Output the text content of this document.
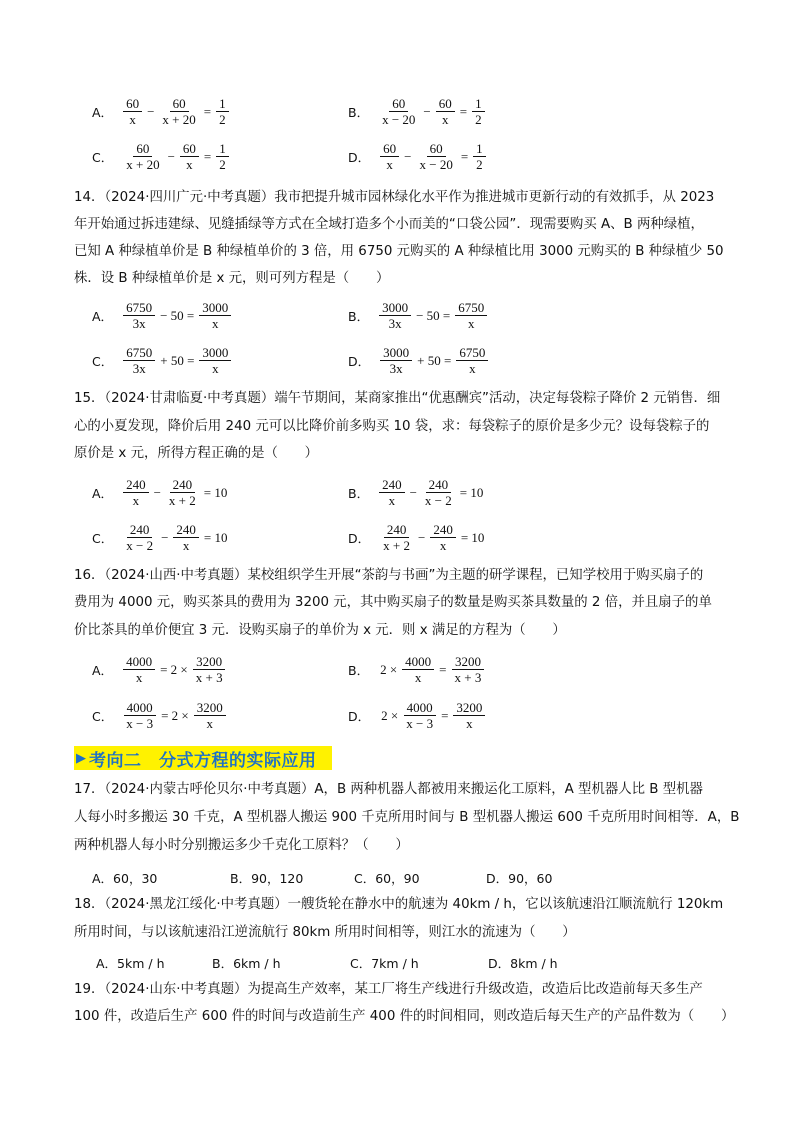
A． $\frac{60}{x} - \frac{60}{x + 20} = \frac{1}{2}$	B． $\frac{60}{x - 20} - \frac{60}{x} = \frac{1}{2}$
C． $\frac{60}{x + 20} - \frac{60}{x} = \frac{1}{2}$	D． $\frac{60}{x} - \frac{60}{x - 20} = \frac{1}{2}$
14．（2024·四川广元·中考真题）我市把提升城市园林绿化水平作为推进城市更新行动的有效抓手，从 2023
年开始通过拆违建绿、见缝插绿等方式在全域打造多个小而美的“口袋公园”．现需要购买 A、B 两种绿植，
已知 A 种绿植单价是 B 种绿植单价的 3 倍，用 6750 元购买的 A 种绿植比用 3000 元购买的 B 种绿植少 50
株．设 B 种绿植单价是 x 元，则可列方程是（　　）
A． $\frac{6750}{3x} - 50 = \frac{3000}{x}$	B． $\frac{3000}{3x} - 50 = \frac{6750}{x}$
C． $\frac{6750}{3x} + 50 = \frac{3000}{x}$	D． $\frac{3000}{3x} + 50 = \frac{6750}{x}$
15．（2024·甘肃临夏·中考真题）端午节期间，某商家推出“优惠酬宾”活动，决定每袋粽子降价 2 元销售．细
心的小夏发现，降价后用 240 元可以比降价前多购买 10 袋，求：每袋粽子的原价是多少元？设每袋粽子的
原价是 x 元，所得方程正确的是（　　）
A． $\frac{240}{x} - \frac{240}{x + 2} = 10$	B． $\frac{240}{x} - \frac{240}{x - 2} = 10$
C． $\frac{240}{x - 2} - \frac{240}{x} = 10$	D． $\frac{240}{x + 2} - \frac{240}{x} = 10$
16．（2024·山西·中考真题）某校组织学生开展“茶韵与书画”为主题的研学课程，已知学校用于购买扇子的
费用为 4000 元，购买茶具的费用为 3200 元，其中购买扇子的数量是购买茶具数量的 2 倍，并且扇子的单
价比茶具的单价便宜 3 元．设购买扇子的单价为 x 元．则 x 满足的方程为（　　）
A． $\frac{4000}{x} = 2 \times \frac{3200}{x + 3}$	B． $2 \times \frac{4000}{x} = \frac{3200}{x + 3}$
C． $\frac{4000}{x - 3} = 2 \times \frac{3200}{x}$	D． $2 \times \frac{4000}{x - 3} = \frac{3200}{x}$
▶ 考向二　分式方程的实际应用
17．（2024·内蒙古呼伦贝尔·中考真题）A，B 两种机器人都被用来搬运化工原料，A 型机器人比 B 型机器
人每小时多搬运 30 千克，A 型机器人搬运 900 千克所用时间与 B 型机器人搬运 600 千克所用时间相等．A，B
两种机器人每小时分别搬运多少千克化工原料？（　　）
A．60，30	B．90，120	C．60，90	D．90，60
18．（2024·黑龙江绥化·中考真题）一艘货轮在静水中的航速为 40km / h，它以该航速沿江顺流航行 120km
所用时间，与以该航速沿江逆流航行 80km 所用时间相等，则江水的流速为（　　）
A．5km / h	B．6km / h	C．7km / h	D．8km / h
19．（2024·山东·中考真题）为提高生产效率，某工厂将生产线进行升级改造，改造后比改造前每天多生产
100 件，改造后生产 600 件的时间与改造前生产 400 件的时间相同，则改造后每天生产的产品件数为（　　）
